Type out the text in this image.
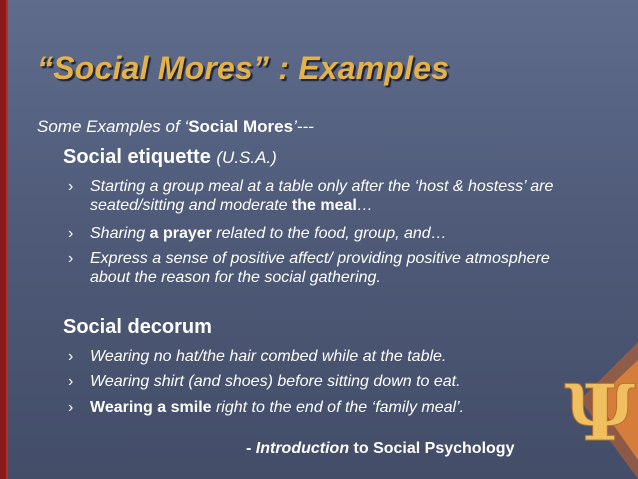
“Social Mores” : Examples
Some Examples of ‘Social Mores’---
Social etiquette (U.S.A.)
› Starting a group meal at a table only after the ‘host & hostess’ are seated/sitting and moderate the meal…
› Sharing a prayer related to the food, group, and…
› Express a sense of positive affect/ providing positive atmosphere about the reason for the social gathering.
Social decorum
› Wearing no hat/the hair combed while at the table.
› Wearing shirt (and shoes) before sitting down to eat.
› Wearing a smile right to the end of the ‘family meal’.
- Introduction to Social Psychology Ψ
